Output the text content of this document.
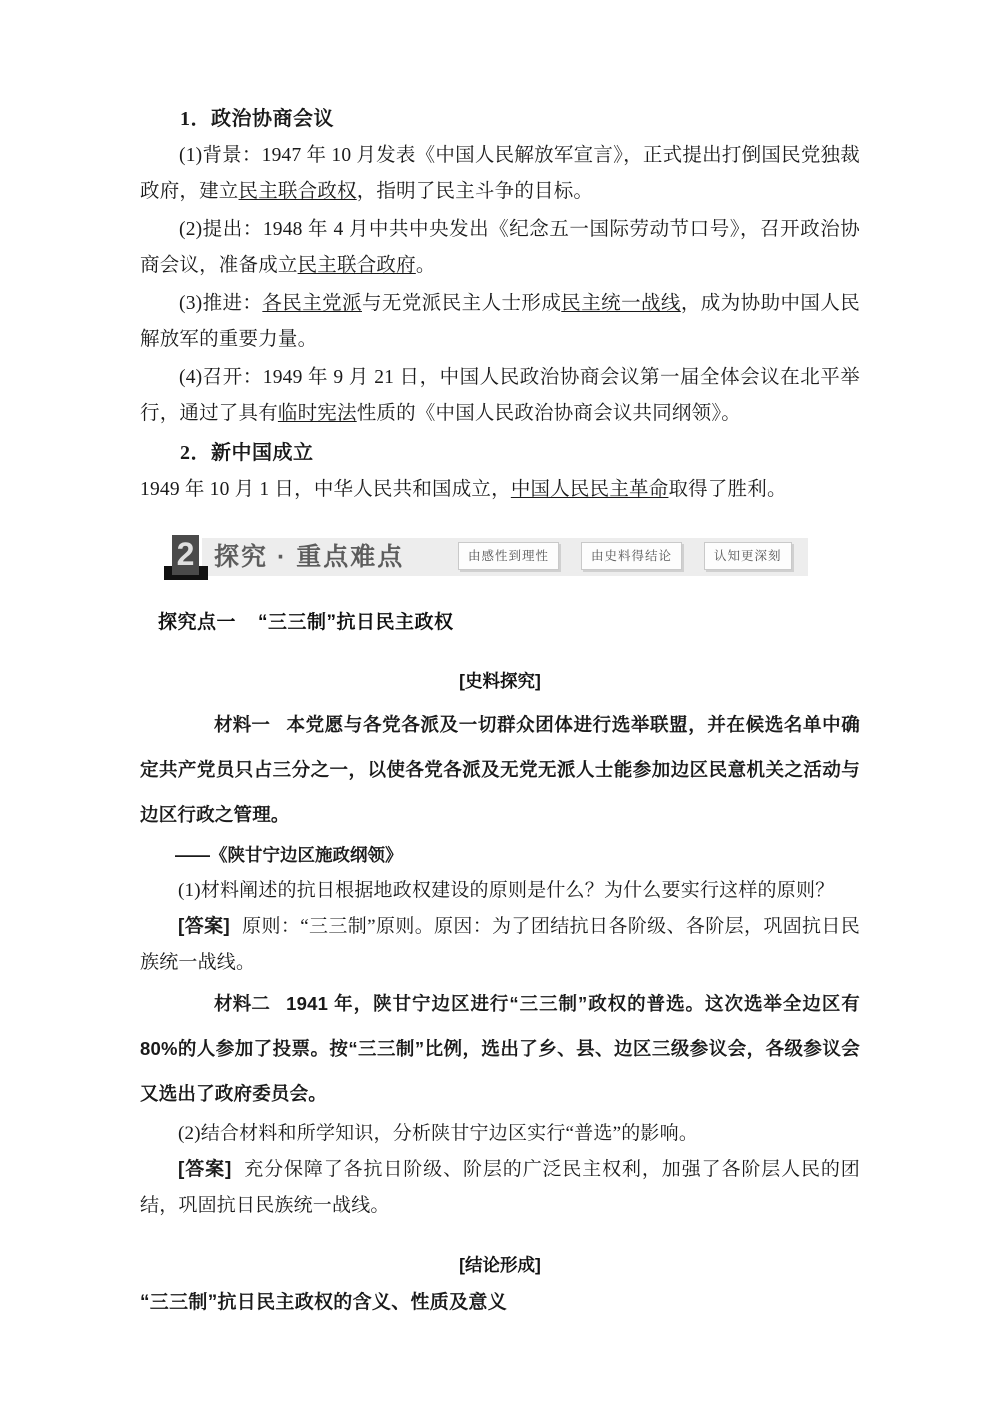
1．政治协商会议

(1)背景：1947 年 10 月发表《中国人民解放军宣言》，正式提出打倒国民党独裁政府，建立民主联合政权，指明了民主斗争的目标。

(2)提出：1948 年 4 月中共中央发出《纪念五一国际劳动节口号》，召开政治协商会议，准备成立民主联合政府。

(3)推进：各民主党派与无党派民主人士形成民主统一战线，成为协助中国人民解放军的重要力量。

(4)召开：1949 年 9 月 21 日，中国人民政治协商会议第一届全体会议在北平举行，通过了具有临时宪法性质的《中国人民政治协商会议共同纲领》。

2．新中国成立

1949 年 10 月 1 日，中华人民共和国成立，中国人民民主革命取得了胜利。

2 探究 · 重点难点	由感性到理性	由史料得结论	认知更深刻

探究点一 “三三制”抗日民主政权

[史料探究]

材料一 本党愿与各党各派及一切群众团体进行选举联盟，并在候选名单中确定共产党员只占三分之一，以使各党各派及无党无派人士能参加边区民意机关之活动与边区行政之管理。

——《陕甘宁边区施政纲领》

(1)材料阐述的抗日根据地政权建设的原则是什么？为什么要实行这样的原则？

[答案] 原则：“三三制”原则。原因：为了团结抗日各阶级、各阶层，巩固抗日民族统一战线。

材料二 1941 年，陕甘宁边区进行“三三制”政权的普选。这次选举全边区有 80%的人参加了投票。按“三三制”比例，选出了乡、县、边区三级参议会，各级参议会又选出了政府委员会。

(2)结合材料和所学知识，分析陕甘宁边区实行“普选”的影响。

[答案] 充分保障了各抗日阶级、阶层的广泛民主权利，加强了各阶层人民的团结，巩固抗日民族统一战线。

[结论形成]

“三三制”抗日民主政权的含义、性质及意义
